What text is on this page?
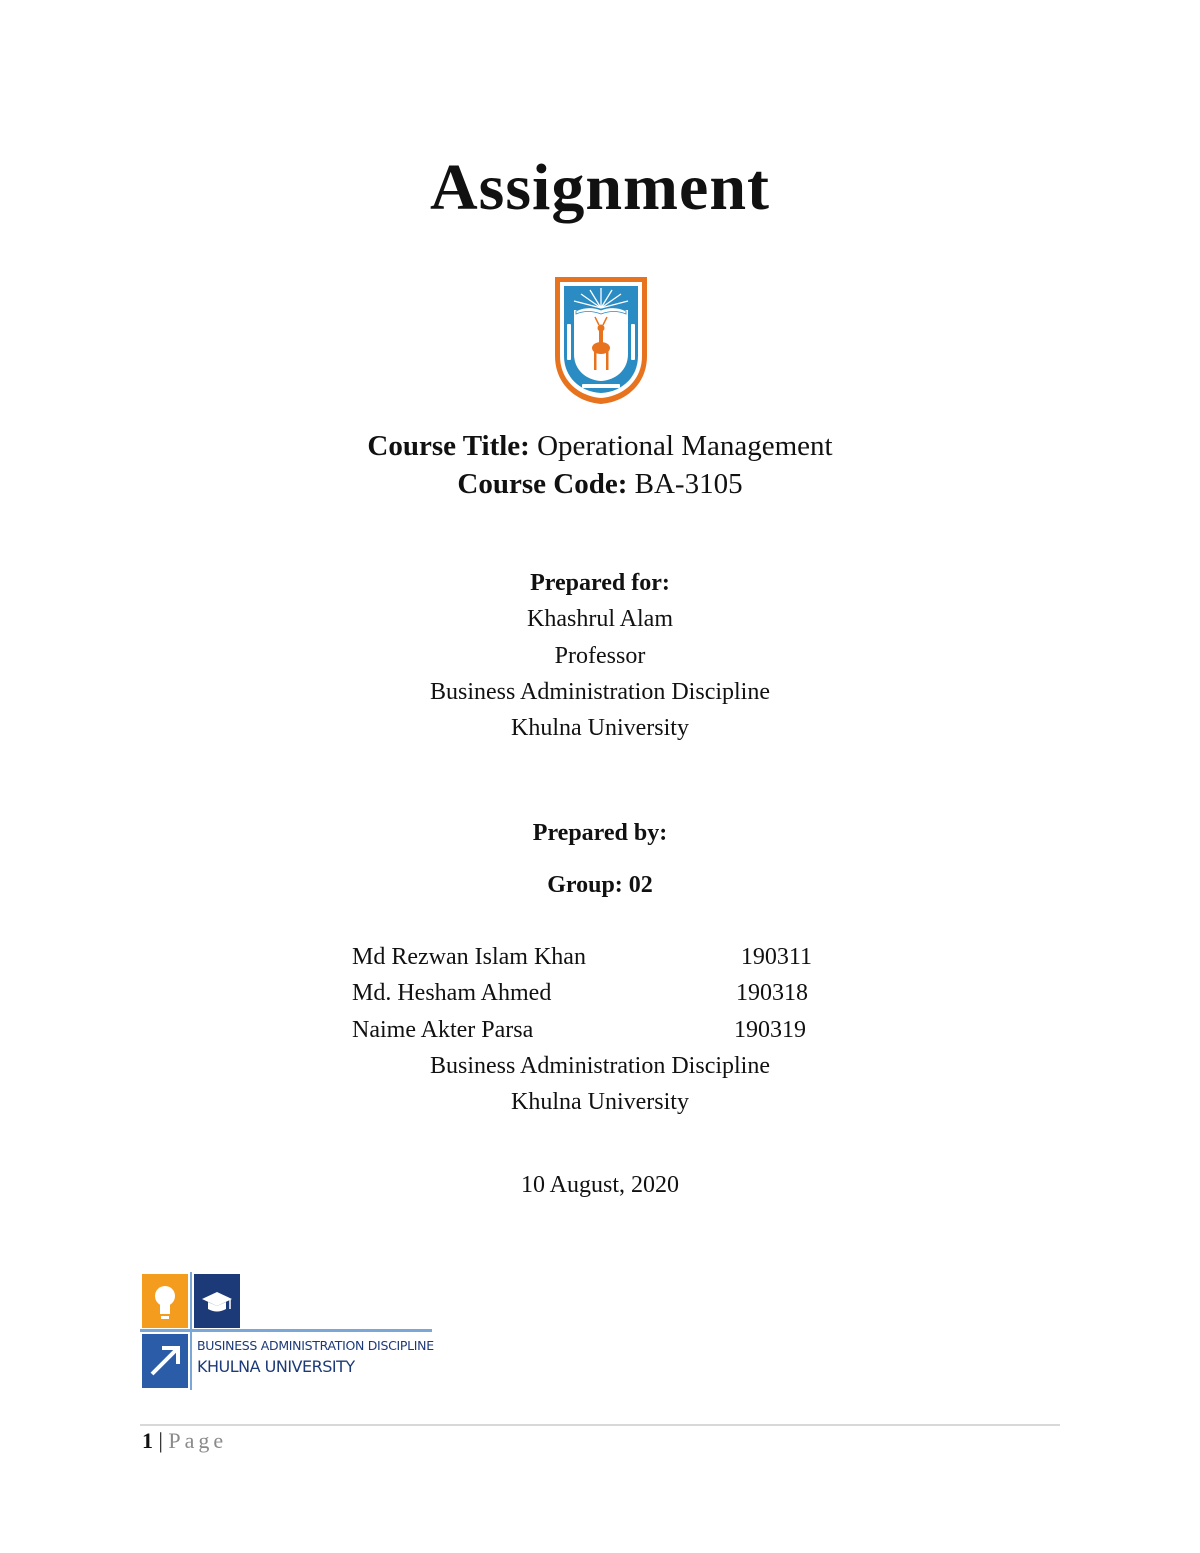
Assignment
Course Title: Operational Management
Course Code: BA-3105
Prepared for:
Khashrul Alam
Professor
Business Administration Discipline
Khulna University
Prepared by:
Group: 02
Md Rezwan Islam Khan	190311
Md. Hesham Ahmed	190318
Naime Akter Parsa	190319
Business Administration Discipline
Khulna University
10 August, 2020
BUSINESS ADMINISTRATION DISCIPLINE
KHULNA UNIVERSITY
1 | Page
